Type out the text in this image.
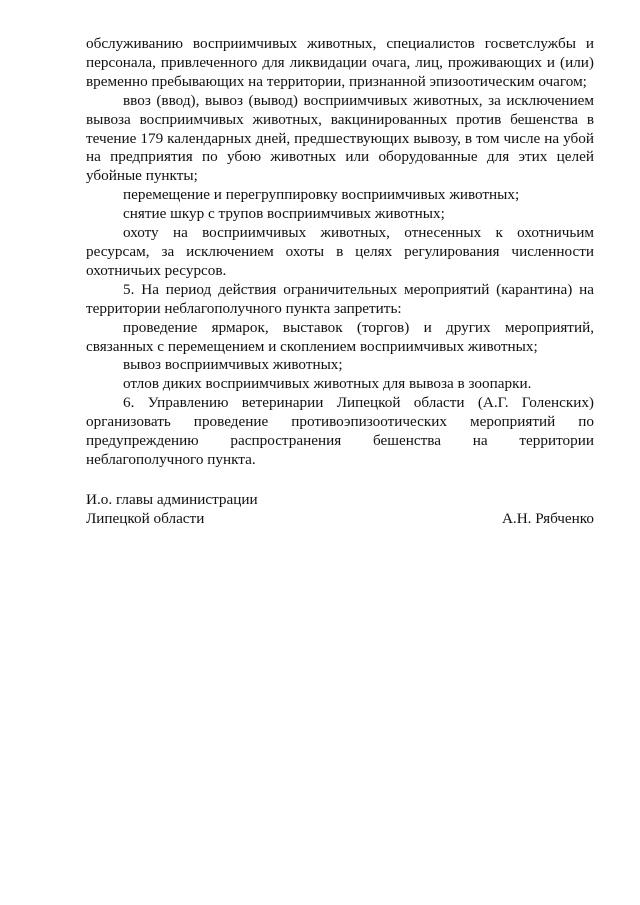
обслуживанию восприимчивых животных, специалистов госветслужбы и персонала, привлеченного для ликвидации очага, лиц, проживающих и (или) временно пребывающих на территории, признанной эпизоотическим очагом;

ввоз (ввод), вывоз (вывод) восприимчивых животных, за исключением вывоза восприимчивых животных, вакцинированных против бешенства в течение 179 календарных дней, предшествующих вывозу, в том числе на убой на предприятия по убою животных или оборудованные для этих целей убойные пункты;

перемещение и перегруппировку восприимчивых животных;

снятие шкур с трупов восприимчивых животных;

охоту на восприимчивых животных, отнесенных к охотничьим ресурсам, за исключением охоты в целях регулирования численности охотничьих ресурсов.

5. На период действия ограничительных мероприятий (карантина) на территории неблагополучного пункта запретить:

проведение ярмарок, выставок (торгов) и других мероприятий, связанных с перемещением и скоплением восприимчивых животных;

вывоз восприимчивых животных;

отлов диких восприимчивых животных для вывоза в зоопарки.

6. Управлению ветеринарии Липецкой области (А.Г. Голенских) организовать проведение противоэпизоотических мероприятий по предупреждению распространения бешенства на территории неблагополучного пункта.

И.о. главы администрации

Липецкой области	А.Н. Рябченко
